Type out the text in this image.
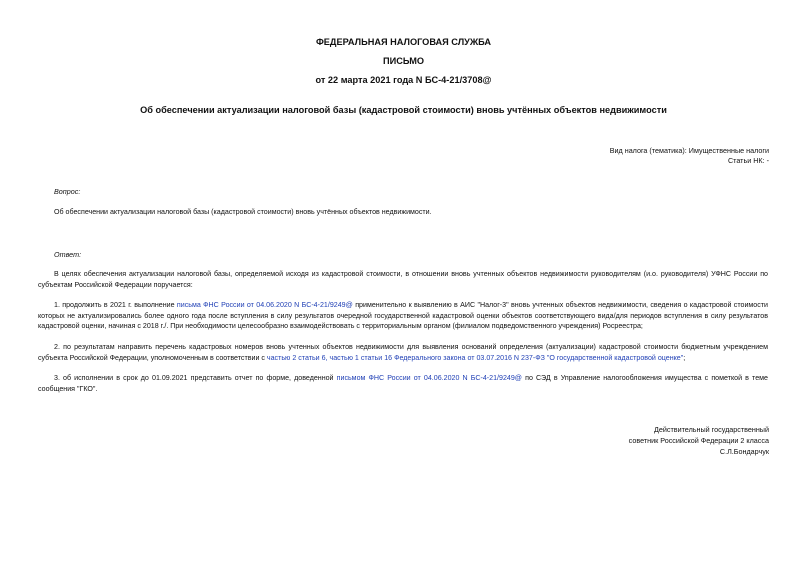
ФЕДЕРАЛЬНАЯ НАЛОГОВАЯ СЛУЖБА
ПИСЬМО
от 22 марта 2021 года N БС-4-21/3708@
Об обеспечении актуализации налоговой базы (кадастровой стоимости) вновь учтённых объектов недвижимости
Вид налога (тематика): Имущественные налоги
Статьи НК: -
Вопрос:
Об обеспечении актуализации налоговой базы (кадастровой стоимости) вновь учтённых объектов недвижимости.
Ответ:
В целях обеспечения актуализации налоговой базы, определяемой исходя из кадастровой стоимости, в отношении вновь учтенных объектов недвижимости руководителям (и.о. руководителя) УФНС России по субъектам Российской Федерации поручается:
1. продолжить в 2021 г. выполнение письма ФНС России от 04.06.2020 N БС-4-21/9249@ применительно к выявлению в АИС "Налог-3" вновь учтенных объектов недвижимости, сведения о кадастровой стоимости которых не актуализировались более одного года после вступления в силу результатов очередной государственной кадастровой оценки объектов соответствующего вида/для периодов вступления в силу результатов кадастровой оценки, начиная с 2018 г./. При необходимости целесообразно взаимодействовать с территориальным органом (филиалом подведомственного учреждения) Росреестра;
2. по результатам направить перечень кадастровых номеров вновь учтенных объектов недвижимости для выявления оснований определения (актуализации) кадастровой стоимости бюджетным учреждением субъекта Российской Федерации, уполномоченным в соответствии с частью 2 статьи 6, частью 1 статьи 16 Федерального закона от 03.07.2016 N 237-ФЗ "О государственной кадастровой оценке";
3. об исполнении в срок до 01.09.2021 представить отчет по форме, доведенной письмом ФНС России от 04.06.2020 N БС-4-21/9249@ по СЭД в Управление налогообложения имущества с пометкой в теме сообщения "ГКО".
Действительный государственный
советник Российской Федерации 2 класса
С.Л.Бондарчук
